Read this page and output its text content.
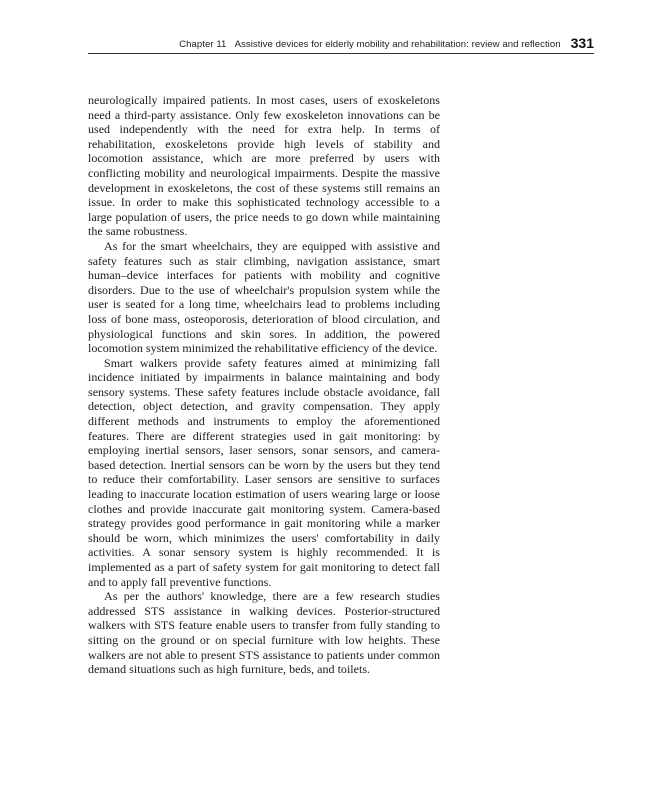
Chapter 11 Assistive devices for elderly mobility and rehabilitation: review and reflection 331

neurologically impaired patients. In most cases, users of exoskeletons need a third-party assistance. Only few exoskeleton innovations can be used independently with the need for extra help. In terms of rehabilitation, exoskeletons provide high levels of stability and locomotion assistance, which are more preferred by users with conflicting mobility and neurological impairments. Despite the massive development in exoskeletons, the cost of these systems still remains an issue. In order to make this sophisticated technology accessible to a large population of users, the price needs to go down while maintaining the same robustness.

As for the smart wheelchairs, they are equipped with assistive and safety features such as stair climbing, navigation assistance, smart human–device interfaces for patients with mobility and cognitive disorders. Due to the use of wheelchair's propulsion system while the user is seated for a long time, wheelchairs lead to problems including loss of bone mass, osteoporosis, deterioration of blood circulation, and physiological functions and skin sores. In addition, the powered locomotion system minimized the rehabilitative efficiency of the device.

Smart walkers provide safety features aimed at minimizing fall incidence initiated by impairments in balance maintaining and body sensory systems. These safety features include obstacle avoidance, fall detection, object detection, and gravity compensation. They apply different methods and instruments to employ the aforementioned features. There are different strategies used in gait monitoring: by employing inertial sensors, laser sensors, sonar sensors, and camera-based detection. Inertial sensors can be worn by the users but they tend to reduce their comfortability. Laser sensors are sensitive to surfaces leading to inaccurate location estimation of users wearing large or loose clothes and provide inaccurate gait monitoring system. Camera-based strategy provides good performance in gait monitoring while a marker should be worn, which minimizes the users' comfortability in daily activities. A sonar sensory system is highly recommended. It is implemented as a part of safety system for gait monitoring to detect fall and to apply fall preventive functions.

As per the authors' knowledge, there are a few research studies addressed STS assistance in walking devices. Posterior-structured walkers with STS feature enable users to transfer from fully standing to sitting on the ground or on special furniture with low heights. These walkers are not able to present STS assistance to patients under common demand situations such as high furniture, beds, and toilets.
